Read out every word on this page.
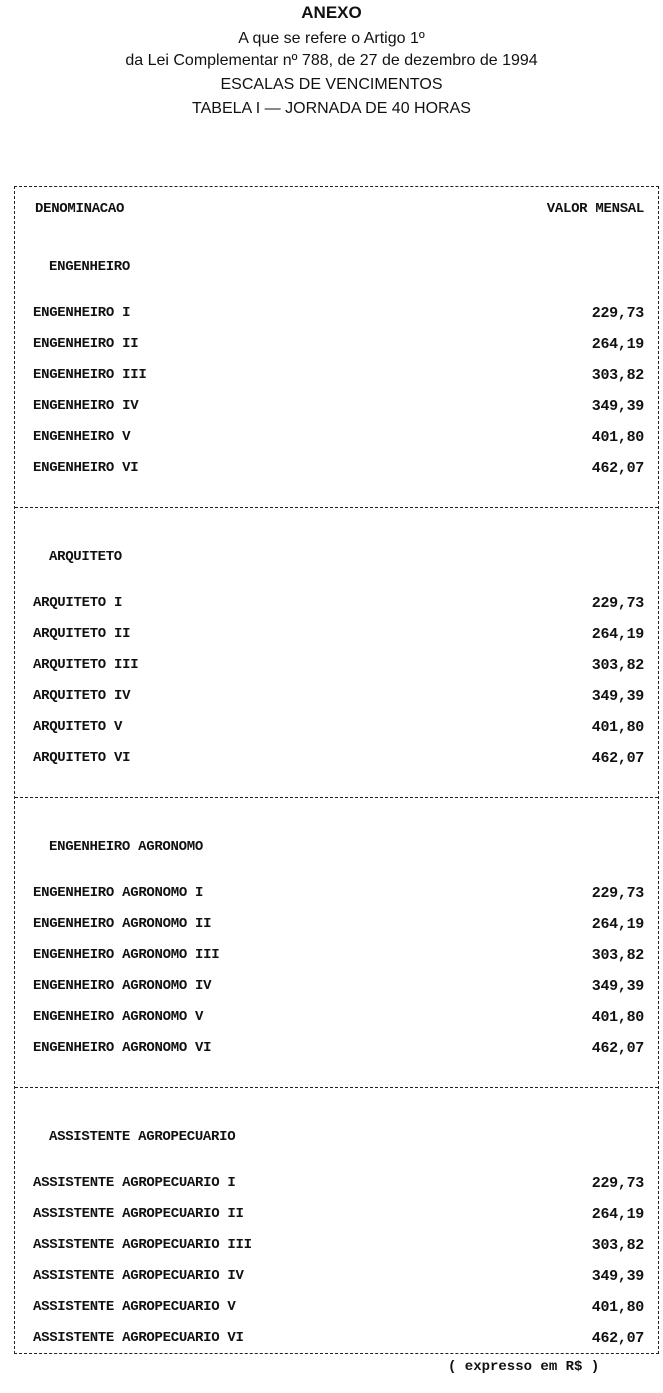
ANEXO
A que se refere o Artigo 1º
da Lei Complementar nº 788, de 27 de dezembro de 1994
ESCALAS DE VENCIMENTOS
TABELA I — JORNADA DE 40 HORAS
DENOMINACAO	VALOR MENSAL
ENGENHEIRO
ENGENHEIRO I	229,73
ENGENHEIRO II	264,19
ENGENHEIRO III	303,82
ENGENHEIRO IV	349,39
ENGENHEIRO V	401,80
ENGENHEIRO VI	462,07
ARQUITETO
ARQUITETO I	229,73
ARQUITETO II	264,19
ARQUITETO III	303,82
ARQUITETO IV	349,39
ARQUITETO V	401,80
ARQUITETO VI	462,07
ENGENHEIRO AGRONOMO
ENGENHEIRO AGRONOMO I	229,73
ENGENHEIRO AGRONOMO II	264,19
ENGENHEIRO AGRONOMO III	303,82
ENGENHEIRO AGRONOMO IV	349,39
ENGENHEIRO AGRONOMO V	401,80
ENGENHEIRO AGRONOMO VI	462,07
ASSISTENTE AGROPECUARIO
ASSISTENTE AGROPECUARIO I	229,73
ASSISTENTE AGROPECUARIO II	264,19
ASSISTENTE AGROPECUARIO III	303,82
ASSISTENTE AGROPECUARIO IV	349,39
ASSISTENTE AGROPECUARIO V	401,80
ASSISTENTE AGROPECUARIO VI	462,07
( expresso em R$ )
